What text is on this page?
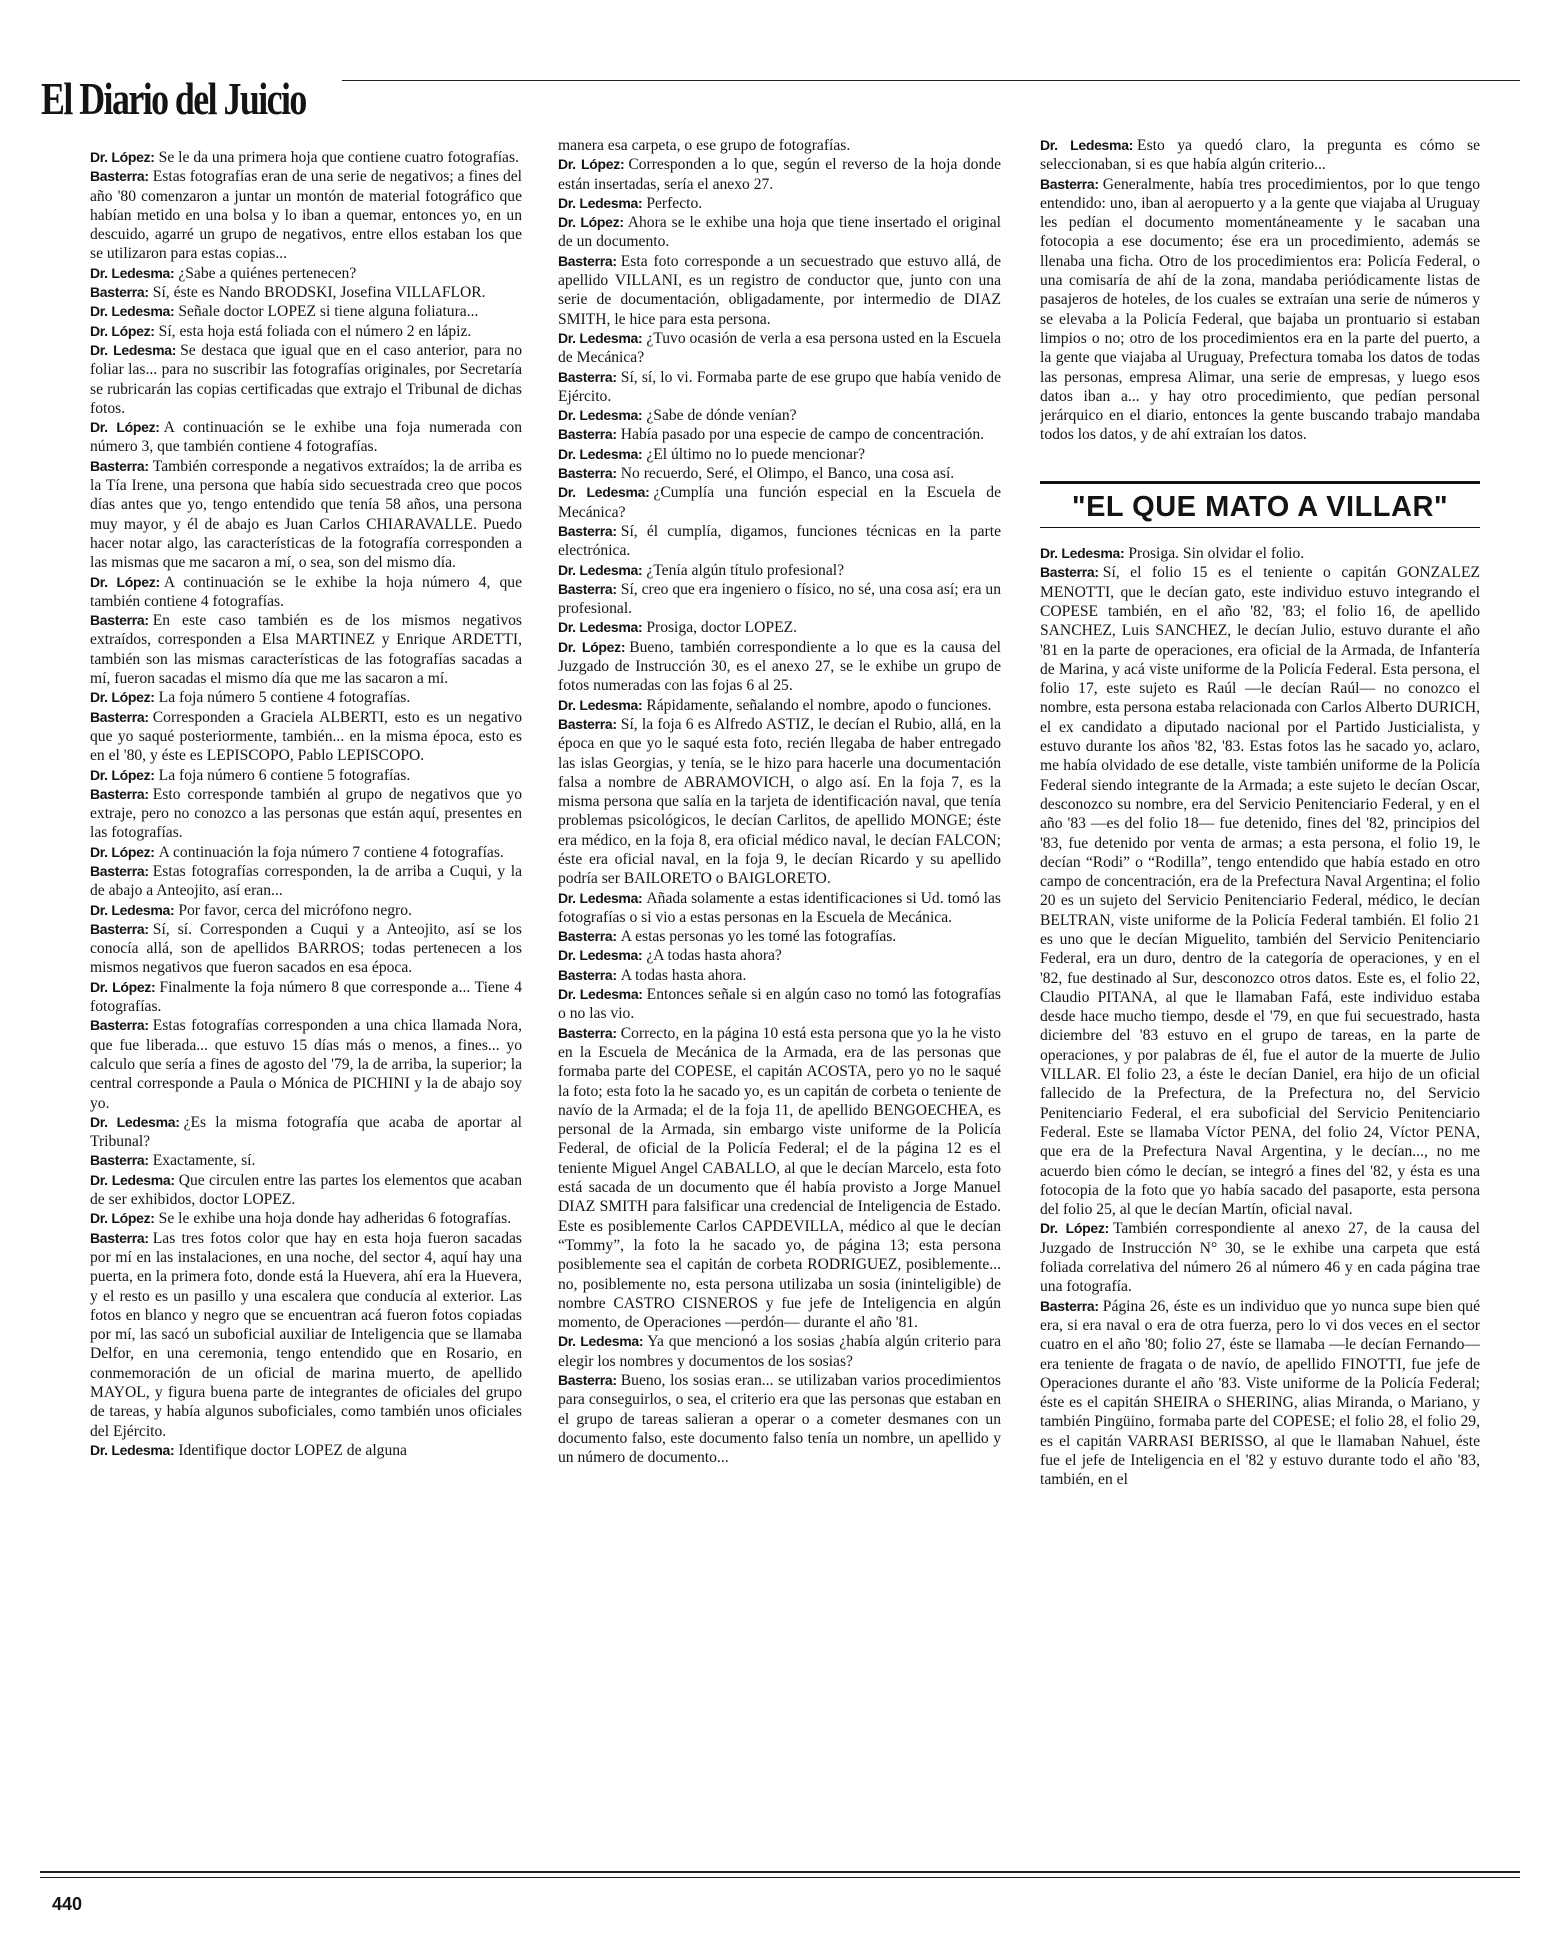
El Diario del Juicio

Dr. López: Se le da una primera hoja que contiene cuatro fotografías.

Basterra: Estas fotografías eran de una serie de negativos; a fines del año '80 comenzaron a juntar un montón de material fotográfico que habían metido en una bolsa y lo iban a quemar, entonces yo, en un descuido, agarré un grupo de negativos, entre ellos estaban los que se utilizaron para estas copias...

Dr. Ledesma: ¿Sabe a quiénes pertenecen?

Basterra: Sí, éste es Nando BRODSKI, Josefina VILLAFLOR.

Dr. Ledesma: Señale doctor LOPEZ si tiene alguna foliatura...

Dr. López: Sí, esta hoja está foliada con el número 2 en lápiz.

Dr. Ledesma: Se destaca que igual que en el caso anterior, para no foliar las... para no suscribir las fotografías originales, por Secretaría se rubricarán las copias certificadas que extrajo el Tribunal de dichas fotos.

Dr. López: A continuación se le exhibe una foja numerada con número 3, que también contiene 4 fotografías.

Basterra: También corresponde a negativos extraídos; la de arriba es la Tía Irene, una persona que había sido secuestrada creo que pocos días antes que yo, tengo entendido que tenía 58 años, una persona muy mayor, y él de abajo es Juan Carlos CHIARAVALLE. Puedo hacer notar algo, las características de la fotografía corresponden a las mismas que me sacaron a mí, o sea, son del mismo día.

Dr. López: A continuación se le exhibe la hoja número 4, que también contiene 4 fotografías.

Basterra: En este caso también es de los mismos negativos extraídos, corresponden a Elsa MARTINEZ y Enrique ARDETTI, también son las mismas características de las fotografías sacadas a mí, fueron sacadas el mismo día que me las sacaron a mí.

Dr. López: La foja número 5 contiene 4 fotografías.

Basterra: Corresponden a Graciela ALBERTI, esto es un negativo que yo saqué posteriormente, también... en la misma época, esto es en el '80, y éste es LEPISCOPO, Pablo LEPISCOPO.

Dr. López: La foja número 6 contiene 5 fotografías.

Basterra: Esto corresponde también al grupo de negativos que yo extraje, pero no conozco a las personas que están aquí, presentes en las fotografías.

Dr. López: A continuación la foja número 7 contiene 4 fotografías.

Basterra: Estas fotografías corresponden, la de arriba a Cuqui, y la de abajo a Anteojito, así eran...

Dr. Ledesma: Por favor, cerca del micrófono negro.

Basterra: Sí, sí. Corresponden a Cuqui y a Anteojito, así se los conocía allá, son de apellidos BARROS; todas pertenecen a los mismos negativos que fueron sacados en esa época.

Dr. López: Finalmente la foja número 8 que corresponde a... Tiene 4 fotografías.

Basterra: Estas fotografías corresponden a una chica llamada Nora, que fue liberada... que estuvo 15 días más o menos, a fines... yo calculo que sería a fines de agosto del '79, la de arriba, la superior; la central corresponde a Paula o Mónica de PICHINI y la de abajo soy yo.

Dr. Ledesma: ¿Es la misma fotografía que acaba de aportar al Tribunal?

Basterra: Exactamente, sí.

Dr. Ledesma: Que circulen entre las partes los elementos que acaban de ser exhibidos, doctor LOPEZ.

Dr. López: Se le exhibe una hoja donde hay adheridas 6 fotografías.

Basterra: Las tres fotos color que hay en esta hoja fueron sacadas por mí en las instalaciones, en una noche, del sector 4, aquí hay una puerta, en la primera foto, donde está la Huevera, ahí era la Huevera, y el resto es un pasillo y una escalera que conducía al exterior. Las fotos en blanco y negro que se encuentran acá fueron fotos copiadas por mí, las sacó un suboficial auxiliar de Inteligencia que se llamaba Delfor, en una ceremonia, tengo entendido que en Rosario, en conmemoración de un oficial de marina muerto, de apellido MAYOL, y figura buena parte de integrantes de oficiales del grupo de tareas, y había algunos suboficiales, como también unos oficiales del Ejército.

Dr. Ledesma: Identifique doctor LOPEZ de alguna

manera esa carpeta, o ese grupo de fotografías.

Dr. López: Corresponden a lo que, según el reverso de la hoja donde están insertadas, sería el anexo 27.

Dr. Ledesma: Perfecto.

Dr. López: Ahora se le exhibe una hoja que tiene insertado el original de un documento.

Basterra: Esta foto corresponde a un secuestrado que estuvo allá, de apellido VILLANI, es un registro de conductor que, junto con una serie de documentación, obligadamente, por intermedio de DIAZ SMITH, le hice para esta persona.

Dr. Ledesma: ¿Tuvo ocasión de verla a esa persona usted en la Escuela de Mecánica?

Basterra: Sí, sí, lo vi. Formaba parte de ese grupo que había venido de Ejército.

Dr. Ledesma: ¿Sabe de dónde venían?

Basterra: Había pasado por una especie de campo de concentración.

Dr. Ledesma: ¿El último no lo puede mencionar?

Basterra: No recuerdo, Seré, el Olimpo, el Banco, una cosa así.

Dr. Ledesma: ¿Cumplía una función especial en la Escuela de Mecánica?

Basterra: Sí, él cumplía, digamos, funciones técnicas en la parte electrónica.

Dr. Ledesma: ¿Tenía algún título profesional?

Basterra: Sí, creo que era ingeniero o físico, no sé, una cosa así; era un profesional.

Dr. Ledesma: Prosiga, doctor LOPEZ.

Dr. López: Bueno, también correspondiente a lo que es la causa del Juzgado de Instrucción 30, es el anexo 27, se le exhibe un grupo de fotos numeradas con las fojas 6 al 25.

Dr. Ledesma: Rápidamente, señalando el nombre, apodo o funciones.

Basterra: Sí, la foja 6 es Alfredo ASTIZ, le decían el Rubio, allá, en la época en que yo le saqué esta foto, recién llegaba de haber entregado las islas Georgias, y tenía, se le hizo para hacerle una documentación falsa a nombre de ABRAMOVICH, o algo así. En la foja 7, es la misma persona que salía en la tarjeta de identificación naval, que tenía problemas psicológicos, le decían Carlitos, de apellido MONGE; éste era médico, en la foja 8, era oficial médico naval, le decían FALCON; éste era oficial naval, en la foja 9, le decían Ricardo y su apellido podría ser BAILORETO o BAIGLORETO.

Dr. Ledesma: Añada solamente a estas identificaciones si Ud. tomó las fotografías o si vio a estas personas en la Escuela de Mecánica.

Basterra: A estas personas yo les tomé las fotografías.

Dr. Ledesma: ¿A todas hasta ahora?

Basterra: A todas hasta ahora.

Dr. Ledesma: Entonces señale si en algún caso no tomó las fotografías o no las vio.

Basterra: Correcto, en la página 10 está esta persona que yo la he visto en la Escuela de Mecánica de la Armada, era de las personas que formaba parte del COPESE, el capitán ACOSTA, pero yo no le saqué la foto; esta foto la he sacado yo, es un capitán de corbeta o teniente de navío de la Armada; el de la foja 11, de apellido BENGOECHEA, es personal de la Armada, sin embargo viste uniforme de la Policía Federal, de oficial de la Policía Federal; el de la página 12 es el teniente Miguel Angel CABALLO, al que le decían Marcelo, esta foto está sacada de un documento que él había provisto a Jorge Manuel DIAZ SMITH para falsificar una credencial de Inteligencia de Estado. Este es posiblemente Carlos CAPDEVILLA, médico al que le decían “Tommy”, la foto la he sacado yo, de página 13; esta persona posiblemente sea el capitán de corbeta RODRIGUEZ, posiblemente... no, posiblemente no, esta persona utilizaba un sosia (ininteligible) de nombre CASTRO CISNEROS y fue jefe de Inteligencia en algún momento, de Operaciones —perdón— durante el año '81.

Dr. Ledesma: Ya que mencionó a los sosias ¿había algún criterio para elegir los nombres y documentos de los sosias?

Basterra: Bueno, los sosias eran... se utilizaban varios procedimientos para conseguirlos, o sea, el criterio era que las personas que estaban en el grupo de tareas salieran a operar o a cometer desmanes con un documento falso, este documento falso tenía un nombre, un apellido y un número de documento...

Dr. Ledesma: Esto ya quedó claro, la pregunta es cómo se seleccionaban, si es que había algún criterio...

Basterra: Generalmente, había tres procedimientos, por lo que tengo entendido: uno, iban al aeropuerto y a la gente que viajaba al Uruguay les pedían el documento momentáneamente y le sacaban una fotocopia a ese documento; ése era un procedimiento, además se llenaba una ficha. Otro de los procedimientos era: Policía Federal, o una comisaría de ahí de la zona, mandaba periódicamente listas de pasajeros de hoteles, de los cuales se extraían una serie de números y se elevaba a la Policía Federal, que bajaba un prontuario si estaban limpios o no; otro de los procedimientos era en la parte del puerto, a la gente que viajaba al Uruguay, Prefectura tomaba los datos de todas las personas, empresa Alimar, una serie de empresas, y luego esos datos iban a... y hay otro procedimiento, que pedían personal jerárquico en el diario, entonces la gente buscando trabajo mandaba todos los datos, y de ahí extraían los datos.

"EL QUE MATO A VILLAR"

Dr. Ledesma: Prosiga. Sin olvidar el folio.

Basterra: Sí, el folio 15 es el teniente o capitán GONZALEZ MENOTTI, que le decían gato, este individuo estuvo integrando el COPESE también, en el año '82, '83; el folio 16, de apellido SANCHEZ, Luis SANCHEZ, le decían Julio, estuvo durante el año '81 en la parte de operaciones, era oficial de la Armada, de Infantería de Marina, y acá viste uniforme de la Policía Federal. Esta persona, el folio 17, este sujeto es Raúl —le decían Raúl— no conozco el nombre, esta persona estaba relacionada con Carlos Alberto DURICH, el ex candidato a diputado nacional por el Partido Justicialista, y estuvo durante los años '82, '83. Estas fotos las he sacado yo, aclaro, me había olvidado de ese detalle, viste también uniforme de la Policía Federal siendo integrante de la Armada; a este sujeto le decían Oscar, desconozco su nombre, era del Servicio Penitenciario Federal, y en el año '83 —es del folio 18— fue detenido, fines del '82, principios del '83, fue detenido por venta de armas; a esta persona, el folio 19, le decían “Rodi” o “Rodilla”, tengo entendido que había estado en otro campo de concentración, era de la Prefectura Naval Argentina; el folio 20 es un sujeto del Servicio Penitenciario Federal, médico, le decían BELTRAN, viste uniforme de la Policía Federal también. El folio 21 es uno que le decían Miguelito, también del Servicio Penitenciario Federal, era un duro, dentro de la categoría de operaciones, y en el '82, fue destinado al Sur, desconozco otros datos. Este es, el folio 22, Claudio PITANA, al que le llamaban Fafá, este individuo estaba desde hace mucho tiempo, desde el '79, en que fui secuestrado, hasta diciembre del '83 estuvo en el grupo de tareas, en la parte de operaciones, y por palabras de él, fue el autor de la muerte de Julio VILLAR. El folio 23, a éste le decían Daniel, era hijo de un oficial fallecido de la Prefectura, de la Prefectura no, del Servicio Penitenciario Federal, el era suboficial del Servicio Penitenciario Federal. Este se llamaba Víctor PENA, del folio 24, Víctor PENA, que era de la Prefectura Naval Argentina, y le decían..., no me acuerdo bien cómo le decían, se integró a fines del '82, y ésta es una fotocopia de la foto que yo había sacado del pasaporte, esta persona del folio 25, al que le decían Martín, oficial naval.

Dr. López: También correspondiente al anexo 27, de la causa del Juzgado de Instrucción N° 30, se le exhibe una carpeta que está foliada correlativa del número 26 al número 46 y en cada página trae una fotografía.

Basterra: Página 26, éste es un individuo que yo nunca supe bien qué era, si era naval o era de otra fuerza, pero lo vi dos veces en el sector cuatro en el año '80; folio 27, éste se llamaba —le decían Fernando— era teniente de fragata o de navío, de apellido FINOTTI, fue jefe de Operaciones durante el año '83. Viste uniforme de la Policía Federal; éste es el capitán SHEIRA o SHERING, alias Miranda, o Mariano, y también Pingüino, formaba parte del COPESE; el folio 28, el folio 29, es el capitán VARRASI BERISSO, al que le llamaban Nahuel, éste fue el jefe de Inteligencia en el '82 y estuvo durante todo el año '83, también, en el

440
